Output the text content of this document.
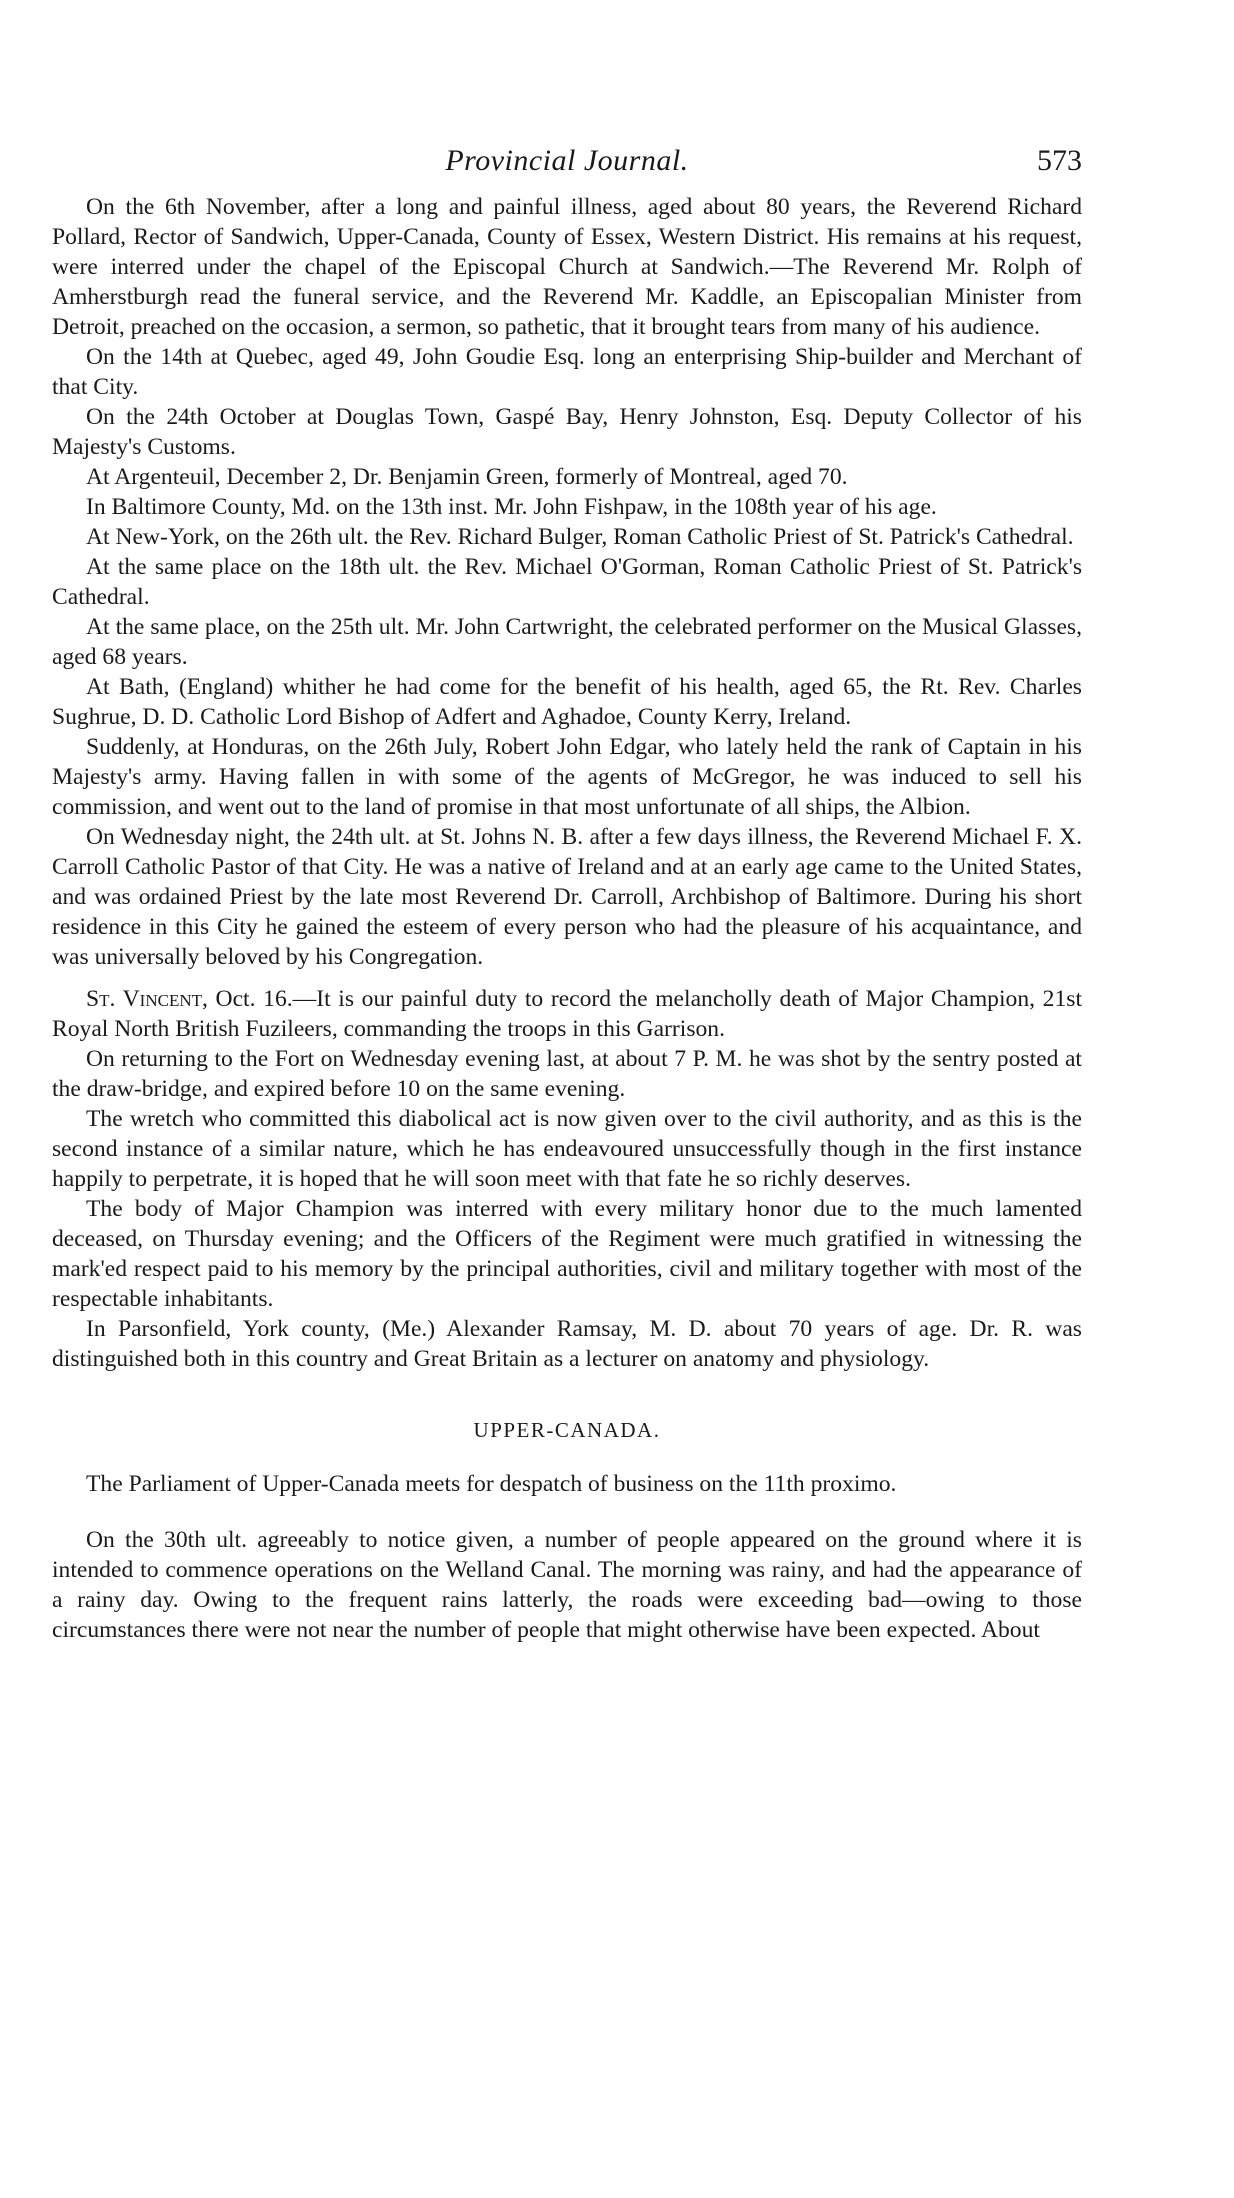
Provincial Journal.	573

On the 6th November, after a long and painful illness, aged about 80 years, the Reverend Richard Pollard, Rector of Sandwich, Upper-Canada, County of Essex, Western District. His remains at his request, were interred under the chapel of the Episcopal Church at Sandwich.—The Reverend Mr. Rolph of Amherstburgh read the funeral service, and the Reverend Mr. Kaddle, an Episcopalian Minister from Detroit, preached on the occasion, a sermon, so pathetic, that it brought tears from many of his audience.

On the 14th at Quebec, aged 49, John Goudie Esq. long an enterprising Ship-builder and Merchant of that City.

On the 24th October at Douglas Town, Gaspé Bay, Henry Johnston, Esq. Deputy Collector of his Majesty's Customs.

At Argenteuil, December 2, Dr. Benjamin Green, formerly of Montreal, aged 70.

In Baltimore County, Md. on the 13th inst. Mr. John Fishpaw, in the 108th year of his age.

At New-York, on the 26th ult. the Rev. Richard Bulger, Roman Catholic Priest of St. Patrick's Cathedral.

At the same place on the 18th ult. the Rev. Michael O'Gorman, Roman Catholic Priest of St. Patrick's Cathedral.

At the same place, on the 25th ult. Mr. John Cartwright, the celebrated performer on the Musical Glasses, aged 68 years.

At Bath, (England) whither he had come for the benefit of his health, aged 65, the Rt. Rev. Charles Sughrue, D. D. Catholic Lord Bishop of Adfert and Aghadoe, County Kerry, Ireland.

Suddenly, at Honduras, on the 26th July, Robert John Edgar, who lately held the rank of Captain in his Majesty's army. Having fallen in with some of the agents of McGregor, he was induced to sell his commission, and went out to the land of promise in that most unfortunate of all ships, the Albion.

On Wednesday night, the 24th ult. at St. Johns N. B. after a few days illness, the Reverend Michael F. X. Carroll Catholic Pastor of that City. He was a native of Ireland and at an early age came to the United States, and was ordained Priest by the late most Reverend Dr. Carroll, Archbishop of Baltimore. During his short residence in this City he gained the esteem of every person who had the pleasure of his acquaintance, and was universally beloved by his Congregation.

St. Vincent, Oct. 16.—It is our painful duty to record the melancholly death of Major Champion, 21st Royal North British Fuzileers, commanding the troops in this Garrison.

On returning to the Fort on Wednesday evening last, at about 7 P. M. he was shot by the sentry posted at the draw-bridge, and expired before 10 on the same evening.

The wretch who committed this diabolical act is now given over to the civil authority, and as this is the second instance of a similar nature, which he has endeavoured unsuccessfully though in the first instance happily to perpetrate, it is hoped that he will soon meet with that fate he so richly deserves.

The body of Major Champion was interred with every military honor due to the much lamented deceased, on Thursday evening; and the Officers of the Regiment were much gratified in witnessing the mark'ed respect paid to his memory by the principal authorities, civil and military together with most of the respectable inhabitants.

In Parsonfield, York county, (Me.) Alexander Ramsay, M. D. about 70 years of age. Dr. R. was distinguished both in this country and Great Britain as a lecturer on anatomy and physiology.

UPPER-CANADA.

The Parliament of Upper-Canada meets for despatch of business on the 11th proximo.

On the 30th ult. agreeably to notice given, a number of people appeared on the ground where it is intended to commence operations on the Welland Canal. The morning was rainy, and had the appearance of a rainy day. Owing to the frequent rains latterly, the roads were exceeding bad—owing to those circumstances there were not near the number of people that might otherwise have been expected. About
